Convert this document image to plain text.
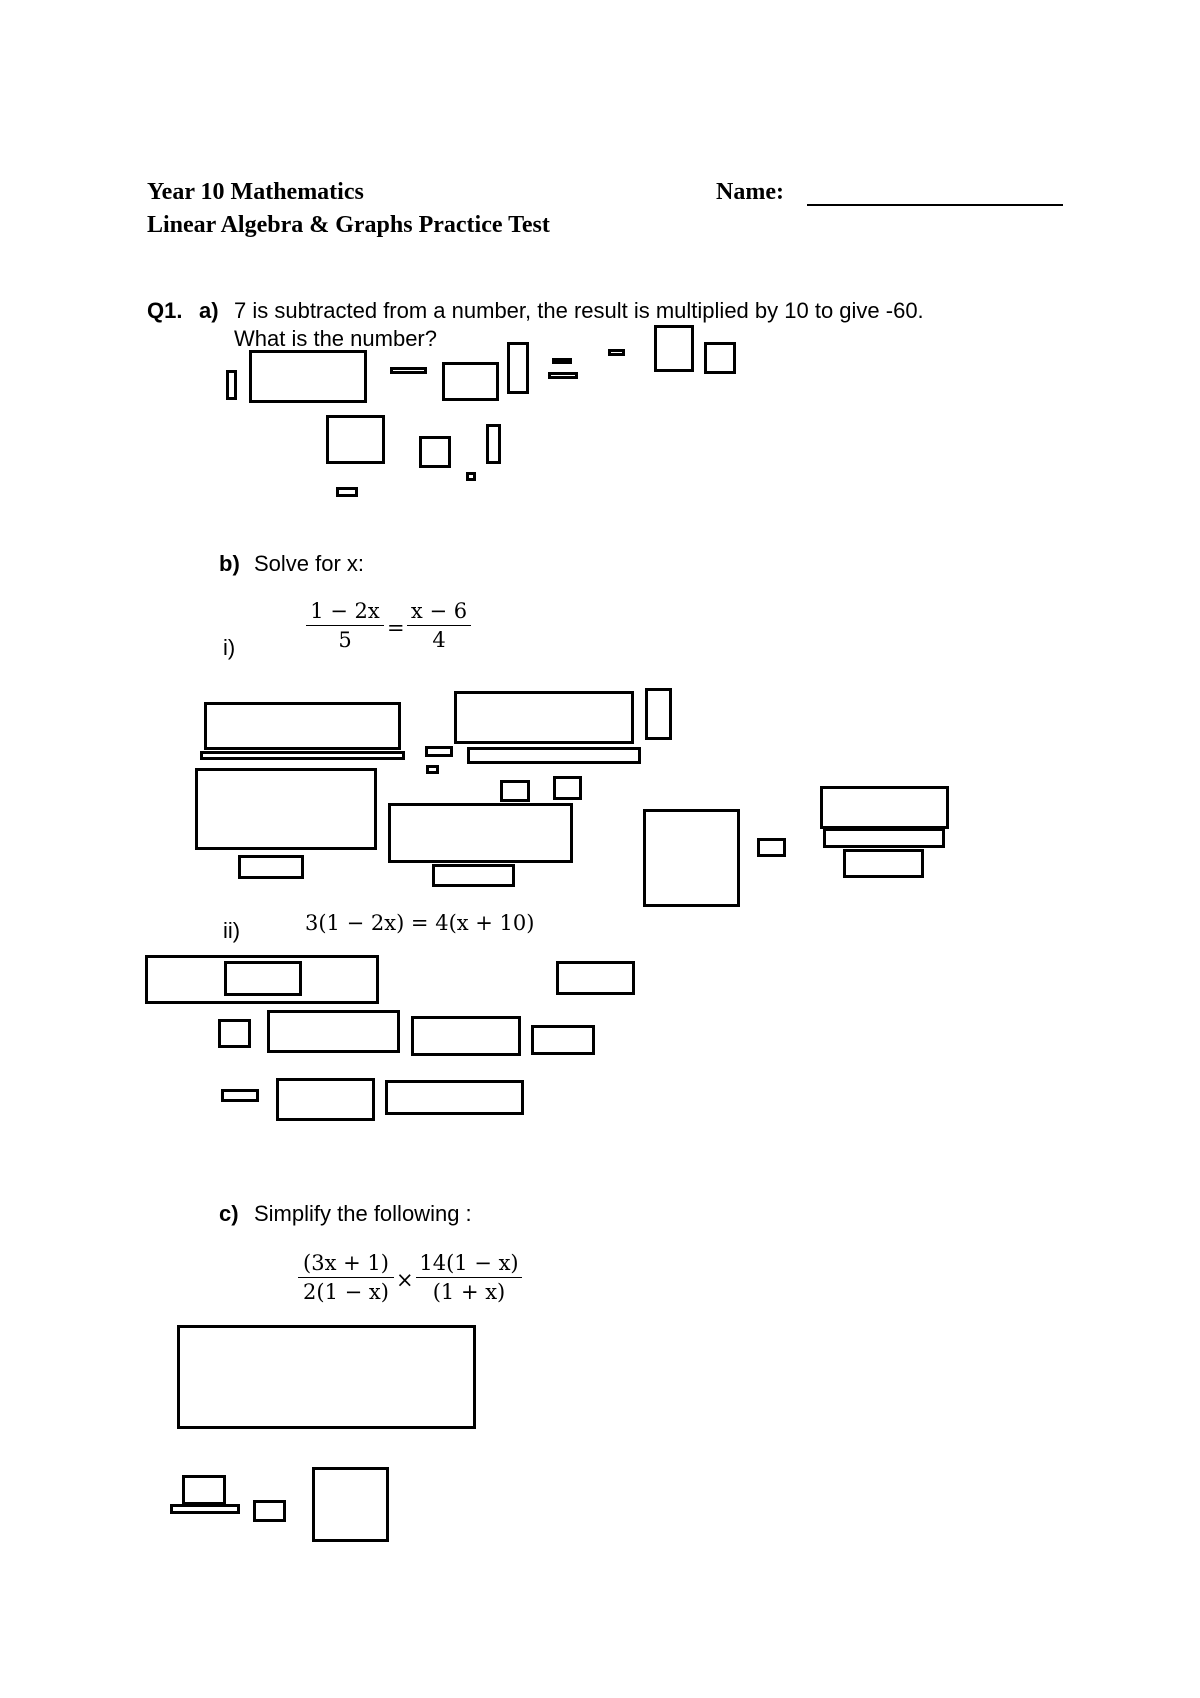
Year 10 Mathematics
Linear Algebra & Graphs Practice Test
Name:
Q1. a) 7 is subtracted from a number, the result is multiplied by 10 to give -60.
What is the number?
b) Solve for x:
i)
1 − 2x
5	=
x − 6
4
ii)	3(1 − 2x) = 4(x + 10)
c) Simplify the following :
(3x + 1)
2(1 − x) ×
14(1 − x)
(1 + x)
